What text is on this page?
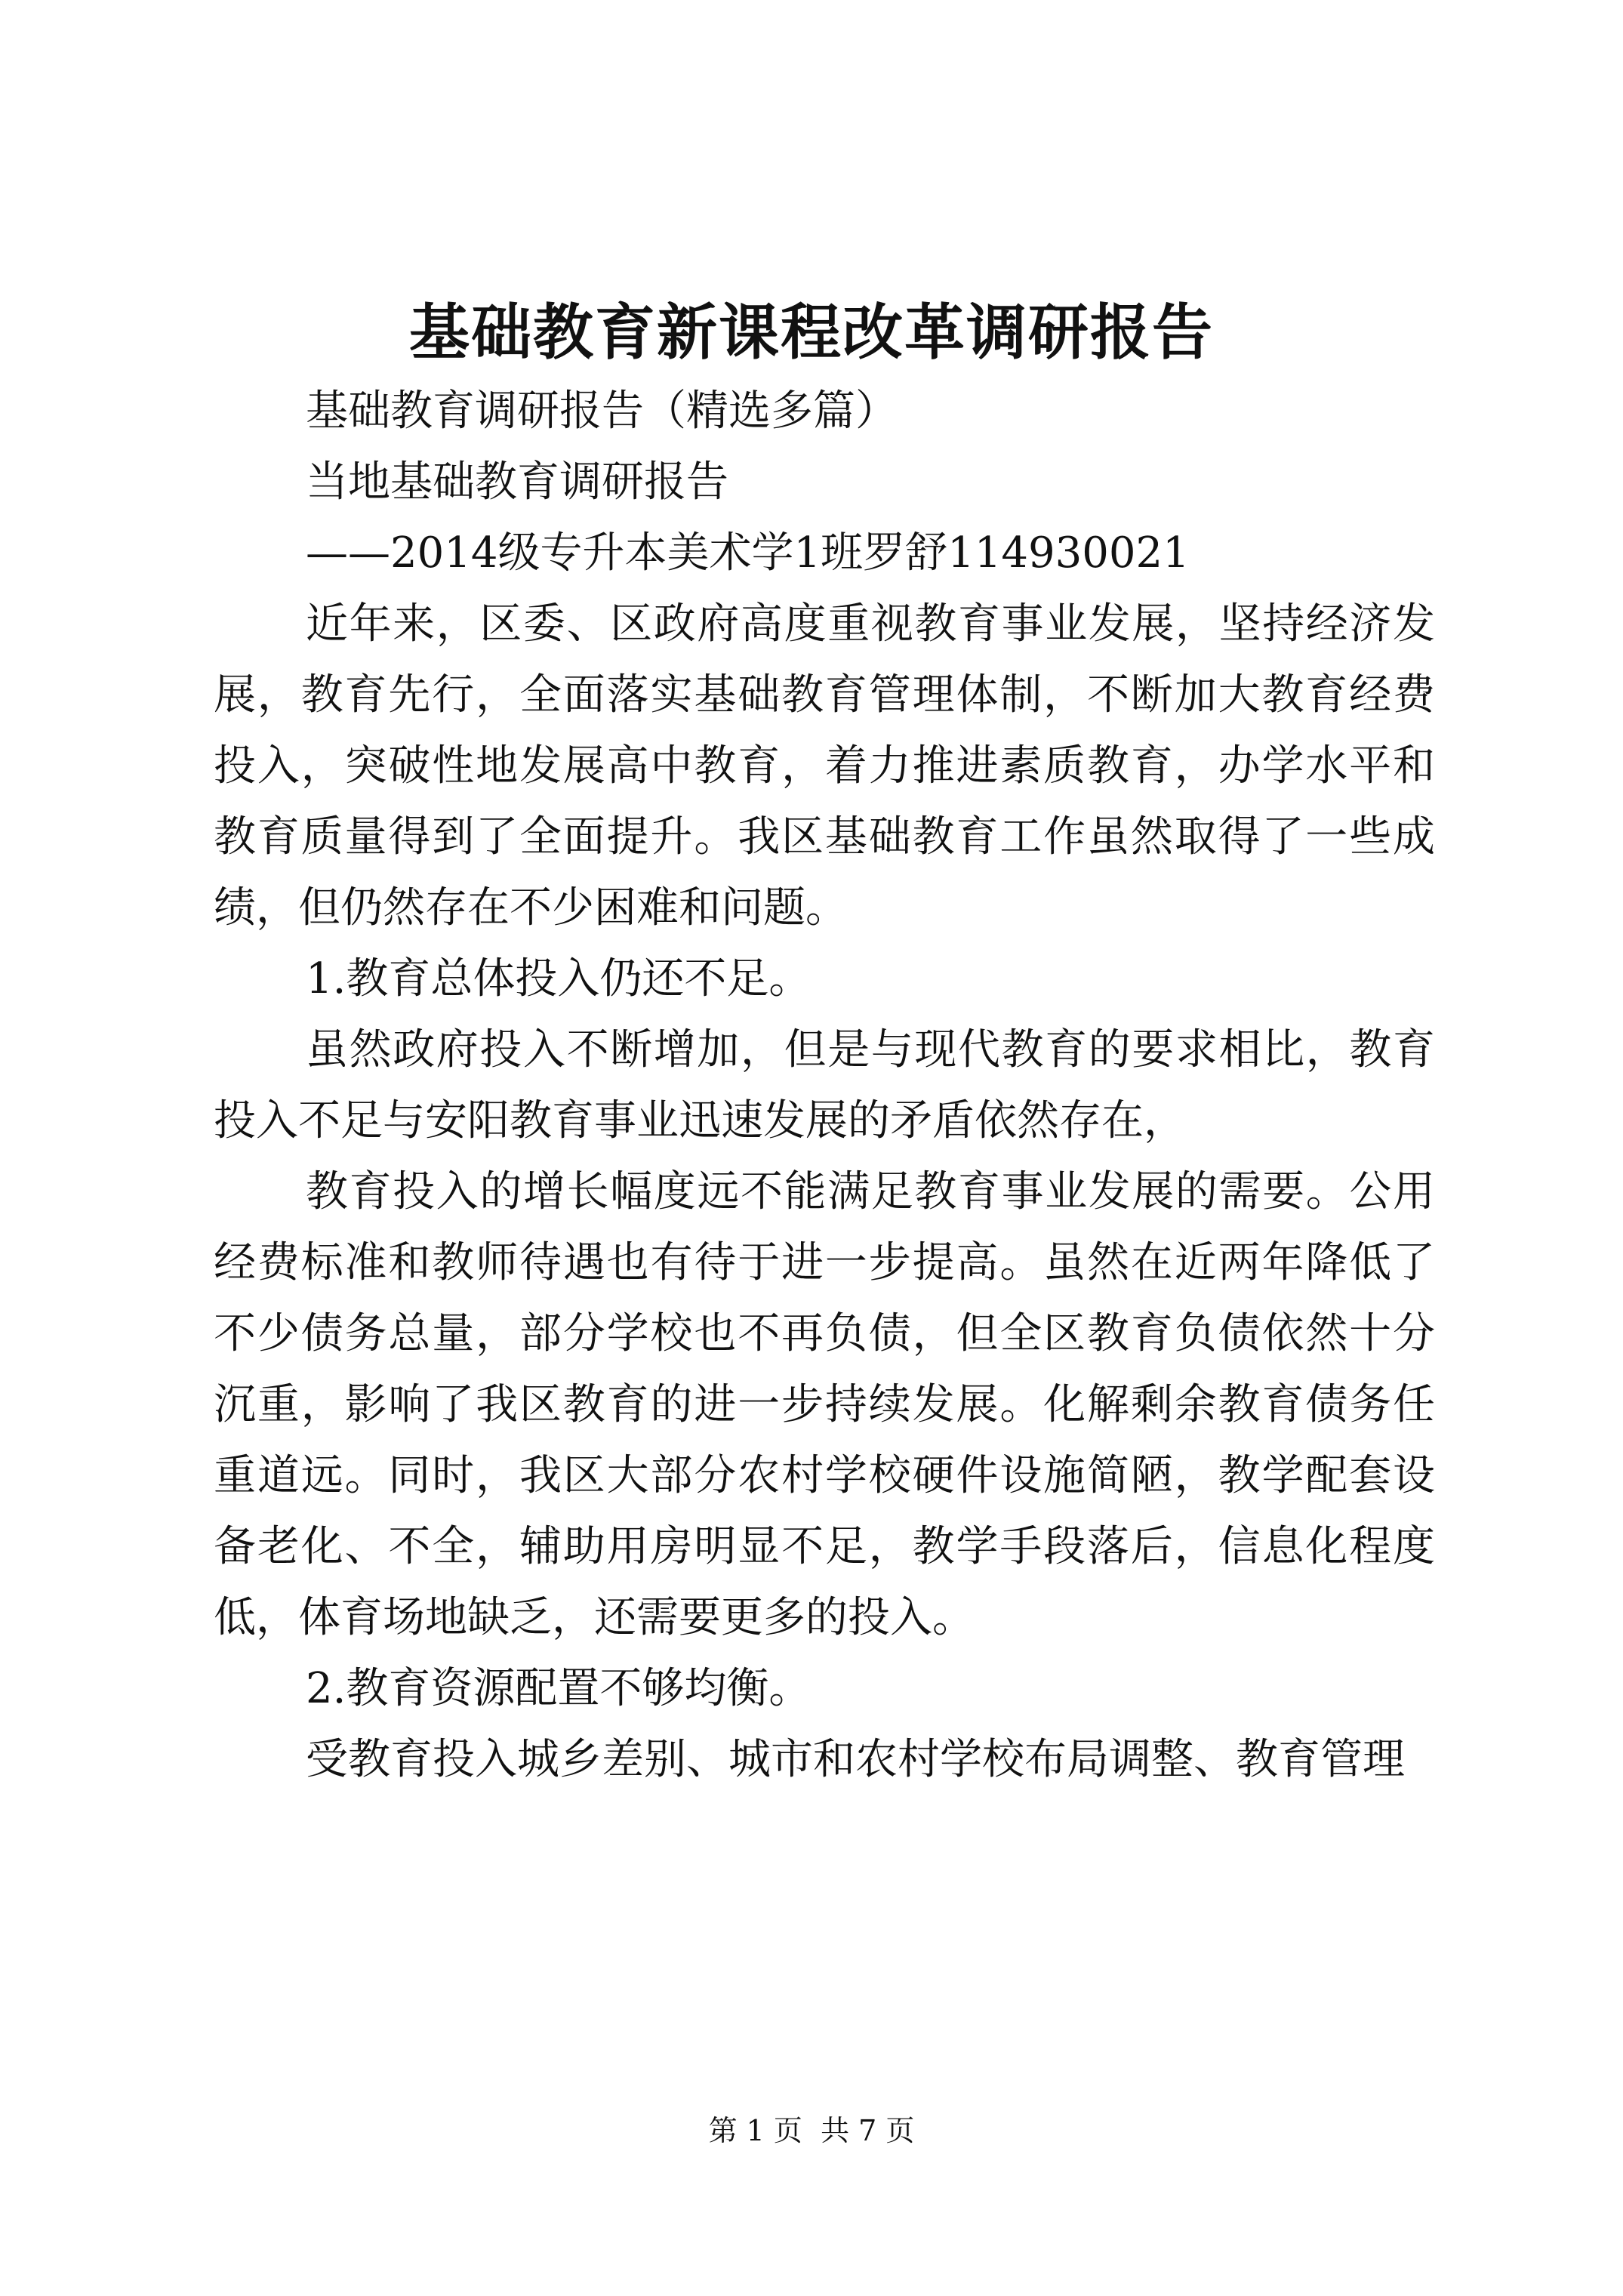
基础教育新课程改革调研报告

基础教育调研报告（精选多篇）

当地基础教育调研报告

——2014级专升本美术学1班罗舒114930021

近年来，区委、区政府高度重视教育事业发展，坚持经济发展，教育先行，全面落实基础教育管理体制，不断加大教育经费投入，突破性地发展高中教育，着力推进素质教育，办学水平和教育质量得到了全面提升。我区基础教育工作虽然取得了一些成绩，但仍然存在不少困难和问题。

1.教育总体投入仍还不足。

虽然政府投入不断增加，但是与现代教育的要求相比，教育投入不足与安阳教育事业迅速发展的矛盾依然存在，

教育投入的增长幅度远不能满足教育事业发展的需要。公用经费标准和教师待遇也有待于进一步提高。虽然在近两年降低了不少债务总量，部分学校也不再负债，但全区教育负债依然十分沉重，影响了我区教育的进一步持续发展。化解剩余教育债务任重道远。同时，我区大部分农村学校硬件设施简陋，教学配套设备老化、不全，辅助用房明显不足，教学手段落后，信息化程度低，体育场地缺乏，还需要更多的投入。

2.教育资源配置不够均衡。

受教育投入城乡差别、城市和农村学校布局调整、教育管理

第 1 页  共 7 页
